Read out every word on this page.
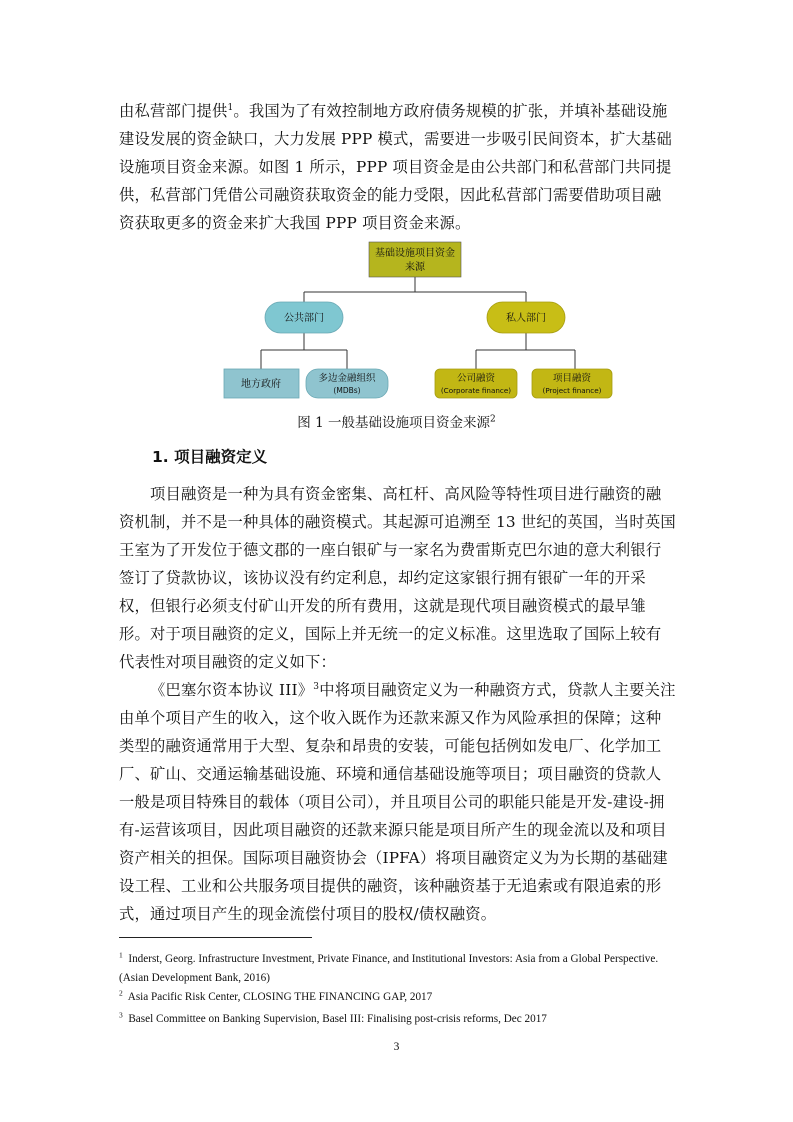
由私营部门提供$^1$。我国为了有效控制地方政府债务规模的扩张，并填补基础设施建设发展的资金缺口，大力发展 PPP 模式，需要进一步吸引民间资本，扩大基础设施项目资金来源。如图 1 所示，PPP 项目资金是由公共部门和私营部门共同提供，私营部门凭借公司融资获取资金的能力受限，因此私营部门需要借助项目融资获取更多的资金来扩大我国 PPP 项目资金来源。

基础设施项目资金
来源
公共部门	私人部门
地方政府
多边金融组织
(MDBs)
公司融资
(Corporate finance)
项目融资
(Project finance)
图 1 一般基础设施项目资金来源$^2$
1. 项目融资定义

项目融资是一种为具有资金密集、高杠杆、高风险等特性项目进行融资的融资机制，并不是一种具体的融资模式。其起源可追溯至 13 世纪的英国，当时英国王室为了开发位于德文郡的一座白银矿与一家名为费雷斯克巴尔迪的意大利银行签订了贷款协议，该协议没有约定利息，却约定这家银行拥有银矿一年的开采权，但银行必须支付矿山开发的所有费用，这就是现代项目融资模式的最早雏形。对于项目融资的定义，国际上并无统一的定义标准。这里选取了国际上较有代表性对项目融资的定义如下：

《巴塞尔资本协议 III》$^3$中将项目融资定义为一种融资方式，贷款人主要关注由单个项目产生的收入，这个收入既作为还款来源又作为风险承担的保障；这种类型的融资通常用于大型、复杂和昂贵的安装，可能包括例如发电厂、化学加工厂、矿山、交通运输基础设施、环境和通信基础设施等项目；项目融资的贷款人一般是项目特殊目的载体（项目公司），并且项目公司的职能只能是开发-建设-拥有-运营该项目，因此项目融资的还款来源只能是项目所产生的现金流以及和项目资产相关的担保。国际项目融资协会（IPFA）将项目融资定义为为长期的基础建设工程、工业和公共服务项目提供的融资，该种融资基于无追索或有限追索的形式，通过项目产生的现金流偿付项目的股权/债权融资。

$^1$ Inderst, Georg. Infrastructure Investment, Private Finance, and Institutional Investors: Asia from a Global Perspective. (Asian Development Bank, 2016)

$^2$ Asia Pacific Risk Center, CLOSING THE FINANCING GAP, 2017

$^3$ Basel Committee on Banking Supervision, Basel III: Finalising post-crisis reforms, Dec 2017

3
